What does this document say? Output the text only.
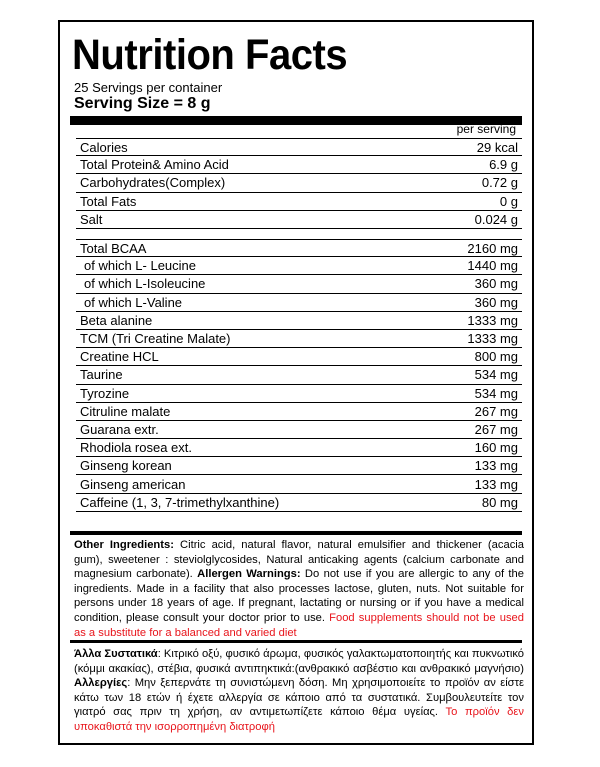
Nutrition Facts
25 Servings per container
Serving Size = 8 g
per serving
Calories	29 kcal
Total Protein& Amino Acid	6.9 g
Carbohydrates(Complex)	0.72 g
Total Fats	0 g
Salt	0.024 g
Total BCAA	2160 mg
of which L- Leucine	1440 mg
of which L-Isoleucine	360 mg
of which L-Valine	360 mg
Beta alanine	1333 mg
TCM (Tri Creatine Malate)	1333 mg
Creatine HCL	800 mg
Taurine	534 mg
Tyrozine	534 mg
Citruline malate	267 mg
Guarana extr.	267 mg
Rhodiola rosea ext.	160 mg
Ginseng korean	133 mg
Ginseng american	133 mg
Caffeine (1, 3, 7-trimethylxanthine)	80 mg
Other Ingredients: Citric acid, natural flavor, natural emulsifier and thickener (acacia gum), sweetener : steviolglycosides, Natural anticaking agents (calcium carbonate and magnesium carbonate). Allergen Warnings: Do not use if you are allergic to any of the ingredients. Made in a facility that also processes lactose, gluten, nuts. Not suitable for persons under 18 years of age. If pregnant, lactating or nursing or if you have a medical condition, please consult your doctor prior to use. Food supplements should not be used as a substitute for a balanced and varied diet
Άλλα Συστατικά: Κιτρικό οξύ, φυσικό άρωμα, φυσικός γαλακτωματοποιητής και πυκνωτικό (κόμμι ακακίας), στέβια, φυσικά αντιπηκτικά:(ανθρακικό ασβέστιο και ανθρακικό μαγνήσιο) Αλλεργίες: Μην ξεπερνάτε τη συνιστώμενη δόση. Μη χρησιμοποιείτε το προϊόν αν είστε κάτω των 18 ετών ή έχετε αλλεργία σε κάποιο από τα συστατικά. Συμβουλευτείτε τον γιατρό σας πριν τη χρήση, αν αντιμετωπίζετε κάποιο θέμα υγείας. Το προϊόν δεν υποκαθιστά την ισορροπημένη διατροφή
